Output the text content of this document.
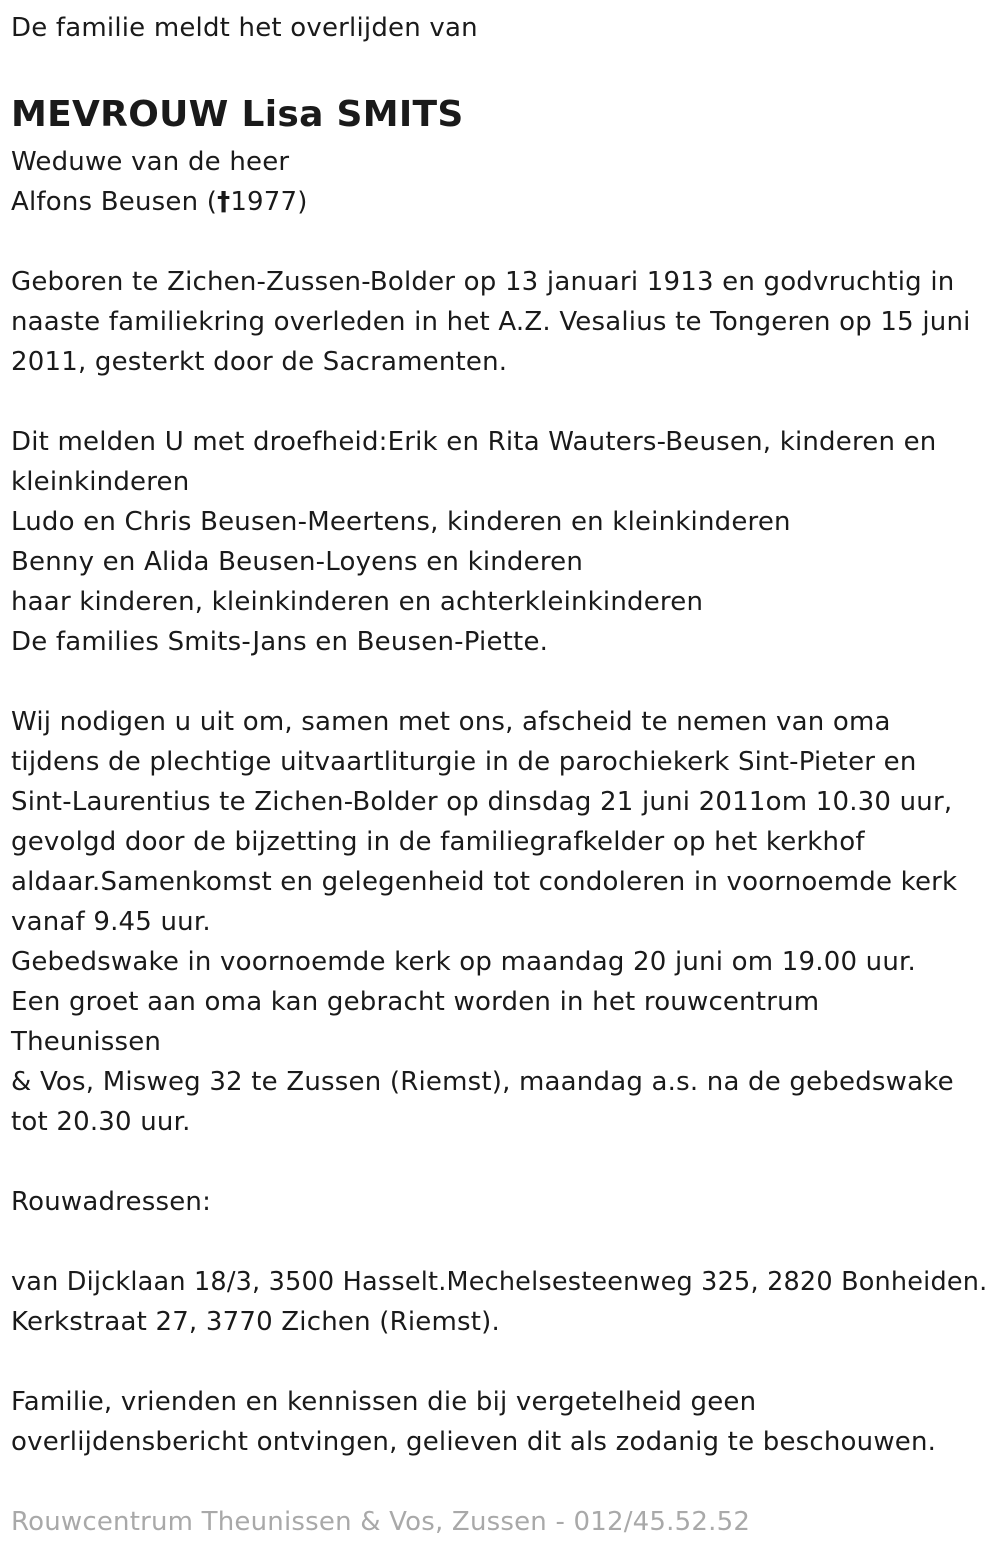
De familie meldt het overlijden van
MEVROUW Lisa SMITS
Weduwe van de heer
Alfons Beusen (†1977)
Geboren te Zichen-Zussen-Bolder op 13 januari 1913 en godvruchtig in
naaste familiekring overleden in het A.Z. Vesalius te Tongeren op 15 juni
2011, gesterkt door de Sacramenten.
Dit melden U met droefheid:Erik en Rita Wauters-Beusen, kinderen en
kleinkinderen
Ludo en Chris Beusen-Meertens, kinderen en kleinkinderen
Benny en Alida Beusen-Loyens en kinderen
haar kinderen, kleinkinderen en achterkleinkinderen
De families Smits-Jans en Beusen-Piette.
Wij nodigen u uit om, samen met ons, afscheid te nemen van oma
tijdens de plechtige uitvaartliturgie in de parochiekerk Sint-Pieter en
Sint-Laurentius te Zichen-Bolder op dinsdag 21 juni 2011om 10.30 uur,
gevolgd door de bijzetting in de familiegrafkelder op het kerkhof
aldaar.Samenkomst en gelegenheid tot condoleren in voornoemde kerk
vanaf 9.45 uur.
Gebedswake in voornoemde kerk op maandag 20 juni om 19.00 uur.
Een groet aan oma kan gebracht worden in het rouwcentrum
Theunissen
& Vos, Misweg 32 te Zussen (Riemst), maandag a.s. na de gebedswake
tot 20.30 uur.
Rouwadressen:
van Dijcklaan 18/3, 3500 Hasselt.Mechelsesteenweg 325, 2820 Bonheiden.
Kerkstraat 27, 3770 Zichen (Riemst).
Familie, vrienden en kennissen die bij vergetelheid geen
overlijdensbericht ontvingen, gelieven dit als zodanig te beschouwen.
Rouwcentrum Theunissen & Vos, Zussen - 012/45.52.52
